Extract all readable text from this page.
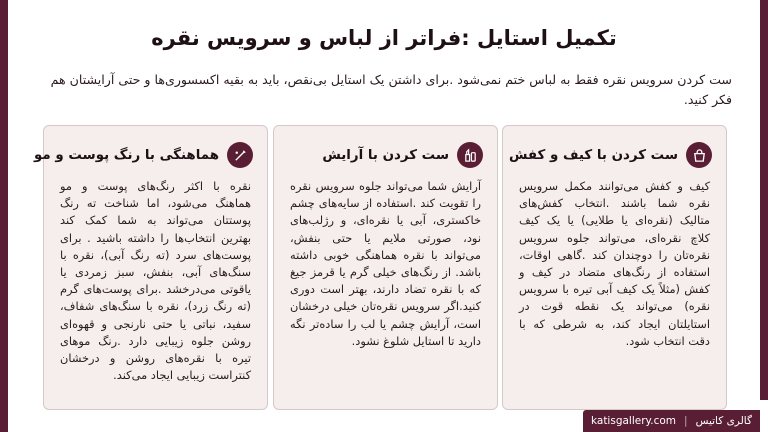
تکمیل استایل :فراتر از لباس و سرویس نقره
ست کردن سرویس نقره فقط به لباس ختم نمی‌شود .برای داشتن یک استایل بی‌نقص، باید به بقیه اکسسوری‌ها و حتی آرایشتان هم فکر کنید.
ست کردن با کیف و کفش
کیف و کفش می‌توانند مکمل سرویس نقره شما باشند .انتخاب کفش‌های متالیک (نقره‌ای یا طلایی) یا یک کیف کلاچ نقره‌ای، می‌تواند جلوه سرویس نقره‌تان را دوچندان کند .گاهی اوقات، استفاده از رنگ‌های متضاد در کیف و کفش (مثلاً یک کیف آبی تیره با سرویس نقره) می‌تواند یک نقطه قوت در استایلتان ایجاد کند، به شرطی که با دقت انتخاب شود.
ست کردن با آرایش
آرایش شما می‌تواند جلوه سرویس نقره را تقویت کند .استفاده از سایه‌های چشم خاکستری، آبی یا نقره‌ای، و رژلب‌های نود، صورتی ملایم یا حتی بنفش، می‌تواند با نقره هماهنگی خوبی داشته باشد. از رنگ‌های خیلی گرم یا قرمز جیغ که با نقره تضاد دارند، بهتر است دوری کنید.اگر سرویس نقره‌تان خیلی درخشان است، آرایش چشم یا لب را ساده‌تر نگه دارید تا استایل شلوغ نشود.
هماهنگی با رنگ پوست و مو
نقره با اکثر رنگ‌های پوست و مو هماهنگ می‌شود، اما شناخت ته رنگ پوستتان می‌تواند به شما کمک کند بهترین انتخاب‌ها را داشته باشید . برای پوست‌های سرد (ته رنگ آبی)، نقره با سنگ‌های آبی، بنفش، سبز زمردی یا یاقوتی می‌درخشد .برای پوست‌های گرم (ته رنگ زرد)، نقره با سنگ‌های شفاف، سفید، نباتی یا حتی نارنجی و قهوه‌ای روشن جلوه زیبایی دارد .رنگ موهای تیره با نقره‌های روشن و درخشان کنتراست زیبایی ایجاد می‌کند.
katisgallery.com | گالری کاتیس
